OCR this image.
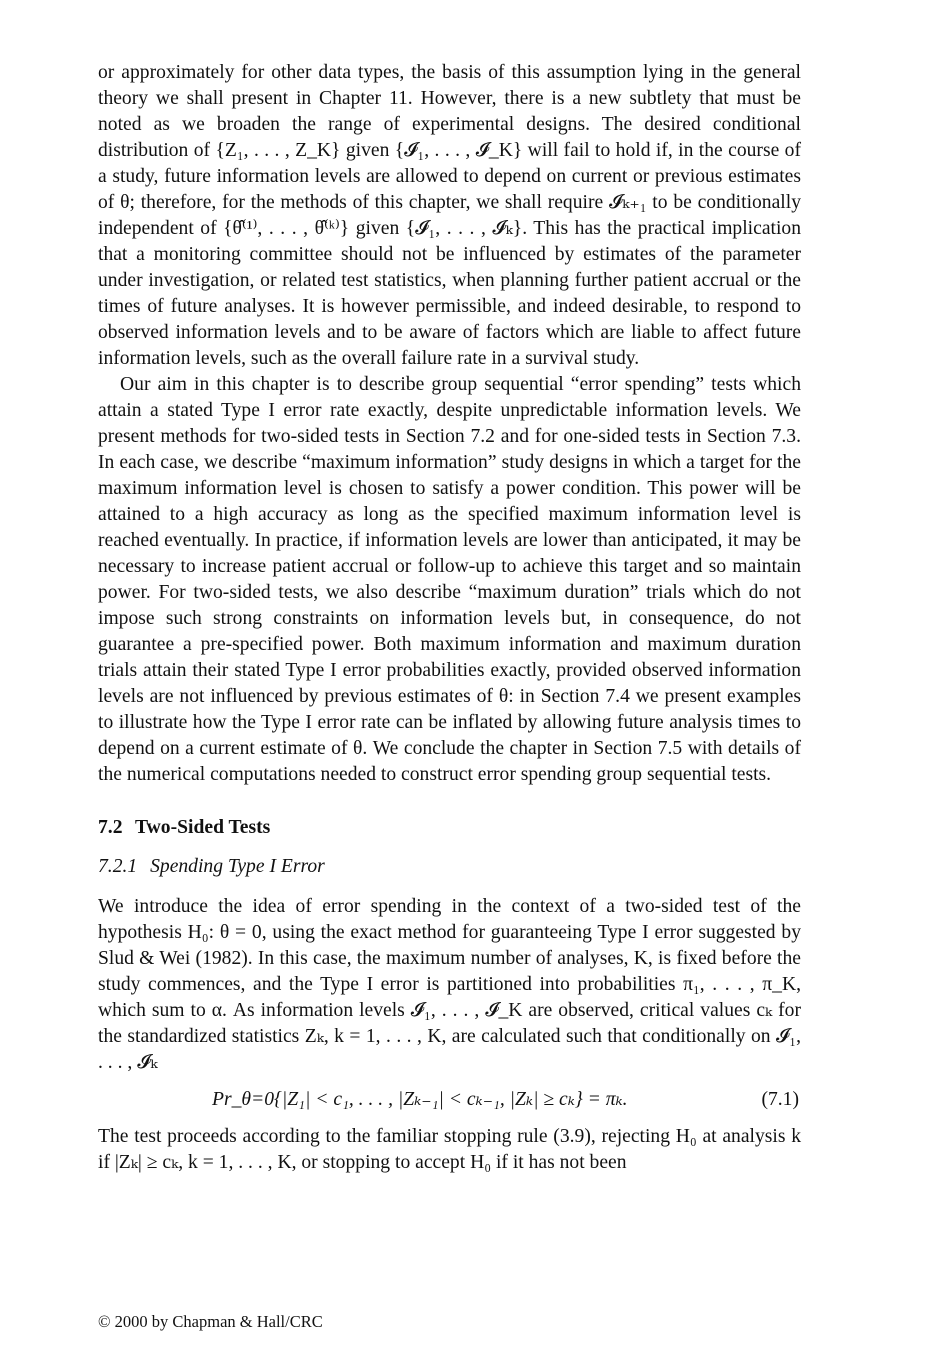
or approximately for other data types, the basis of this assumption lying in the general theory we shall present in Chapter 11. However, there is a new subtlety that must be noted as we broaden the range of experimental designs. The desired conditional distribution of {Z₁, . . . , Z_K} given {𝓘₁, . . . , 𝓘_K} will fail to hold if, in the course of a study, future information levels are allowed to depend on current or previous estimates of θ; therefore, for the methods of this chapter, we shall require 𝓘ₖ₊₁ to be conditionally independent of {θ̂⁽¹⁾, . . . , θ̂⁽ᵏ⁾} given {𝓘₁, . . . , 𝓘ₖ}. This has the practical implication that a monitoring committee should not be influenced by estimates of the parameter under investigation, or related test statistics, when planning further patient accrual or the times of future analyses. It is however permissible, and indeed desirable, to respond to observed information levels and to be aware of factors which are liable to affect future information levels, such as the overall failure rate in a survival study.

Our aim in this chapter is to describe group sequential “error spending” tests which attain a stated Type I error rate exactly, despite unpredictable information levels. We present methods for two-sided tests in Section 7.2 and for one-sided tests in Section 7.3. In each case, we describe “maximum information” study designs in which a target for the maximum information level is chosen to satisfy a power condition. This power will be attained to a high accuracy as long as the specified maximum information level is reached eventually. In practice, if information levels are lower than anticipated, it may be necessary to increase patient accrual or follow-up to achieve this target and so maintain power. For two-sided tests, we also describe “maximum duration” trials which do not impose such strong constraints on information levels but, in consequence, do not guarantee a pre-specified power. Both maximum information and maximum duration trials attain their stated Type I error probabilities exactly, provided observed information levels are not influenced by previous estimates of θ: in Section 7.4 we present examples to illustrate how the Type I error rate can be inflated by allowing future analysis times to depend on a current estimate of θ. We conclude the chapter in Section 7.5 with details of the numerical computations needed to construct error spending group sequential tests.

7.2 Two-Sided Tests
7.2.1 Spending Type I Error

We introduce the idea of error spending in the context of a two-sided test of the hypothesis H₀: θ = 0, using the exact method for guaranteeing Type I error suggested by Slud & Wei (1982). In this case, the maximum number of analyses, K, is fixed before the study commences, and the Type I error is partitioned into probabilities π₁, . . . , π_K, which sum to α. As information levels 𝓘₁, . . . , 𝓘_K are observed, critical values cₖ for the standardized statistics Zₖ, k = 1, . . . , K, are calculated such that conditionally on 𝓘₁, . . . , 𝓘ₖ

Pr_θ=0{|Z₁| < c₁, . . . , |Zₖ₋₁| < cₖ₋₁, |Zₖ| ≥ cₖ} = πₖ.	(7.1)

The test proceeds according to the familiar stopping rule (3.9), rejecting H₀ at analysis k if |Zₖ| ≥ cₖ, k = 1, . . . , K, or stopping to accept H₀ if it has not been

© 2000 by Chapman & Hall/CRC
